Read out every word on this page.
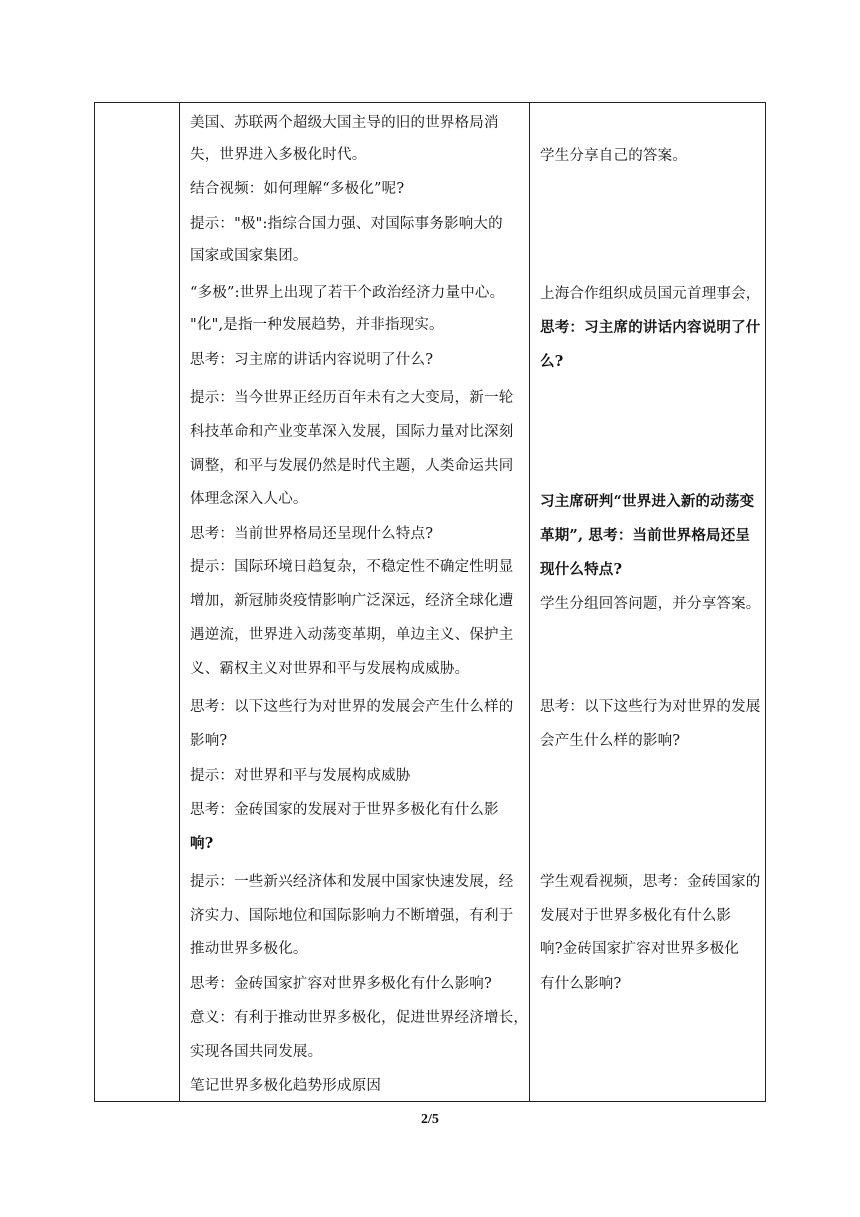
美国、苏联两个超级大国主导的旧的世界格局消
失，世界进入多极化时代。
结合视频：如何理解“多极化”呢?
提示："极":指综合国力强、对国际事务影响大的
国家或国家集团。
“多极”:世界上出现了若干个政治经济力量中心。
"化",是指一种发展趋势，并非指现实。
思考：习主席的讲话内容说明了什么?
提示：当今世界正经历百年未有之大变局，新一轮
科技革命和产业变革深入发展，国际力量对比深刻
调整，和平与发展仍然是时代主题，人类命运共同
体理念深入人心。
思考：当前世界格局还呈现什么特点?
提示：国际环境日趋复杂，不稳定性不确定性明显
增加，新冠肺炎疫情影响广泛深远，经济全球化遭
遇逆流，世界进入动荡变革期，单边主义、保护主
义、霸权主义对世界和平与发展构成威胁。
思考：以下这些行为对世界的发展会产生什么样的
影响?
提示：对世界和平与发展构成威胁
思考：金砖国家的发展对于世界多极化有什么影
响?
提示：一些新兴经济体和发展中国家快速发展，经
济实力、国际地位和国际影响力不断增强，有利于
推动世界多极化。
思考：金砖国家扩容对世界多极化有什么影响?
意义：有利于推动世界多极化，促进世界经济增长，
实现各国共同发展。
笔记世界多极化趋势形成原因
学生分享自己的答案。
上海合作组织成员国元首理事会，
思考：习主席的讲话内容说明了什
么?
习主席研判“世界进入新的动荡变
革期”, 思考：当前世界格局还呈
现什么特点?
学生分组回答问题，并分享答案。
思考：以下这些行为对世界的发展
会产生什么样的影响?
学生观看视频，思考：金砖国家的
发展对于世界多极化有什么影
响?金砖国家扩容对世界多极化
有什么影响?
2/5
